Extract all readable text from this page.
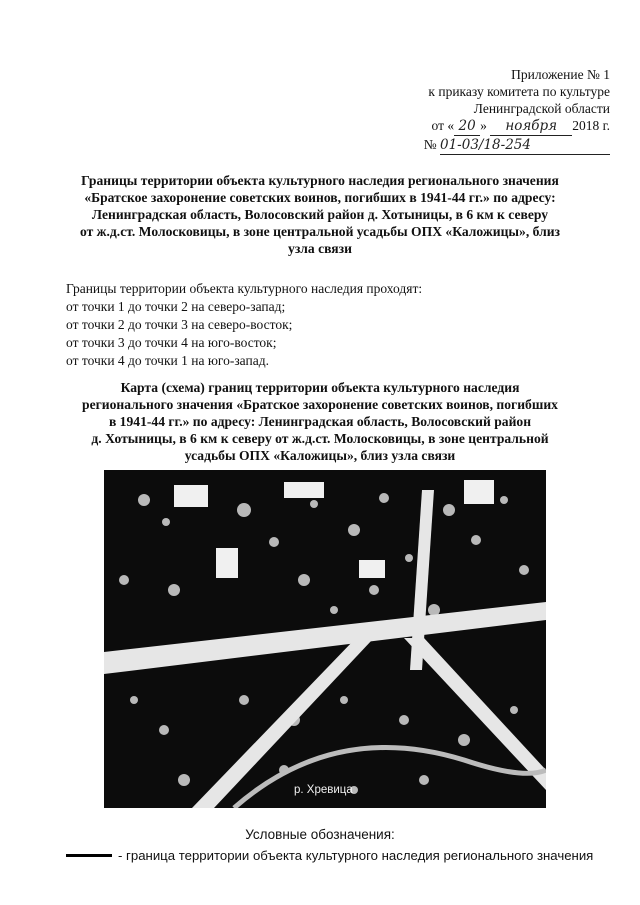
Приложение № 1
к приказу комитета по культуре
Ленинградской области
от « 20 » ноября 2018 г.
№ 01-03/18-254
Границы территории объекта культурного наследия регионального значения
«Братское захоронение советских воинов, погибших в 1941-44 гг.» по адресу:
Ленинградская область, Волосовский район д. Хотыницы, в 6 км к северу
от ж.д.ст. Молосковицы, в зоне центральной усадьбы ОПХ «Каложицы», близ
узла связи
Границы территории объекта культурного наследия проходят:
от точки 1 до точки 2 на северо-запад;
от точки 2 до точки 3 на северо-восток;
от точки 3 до точки 4 на юго-восток;
от точки 4 до точки 1 на юго-запад.
Карта (схема) границ территории объекта культурного наследия
регионального значения «Братское захоронение советских воинов, погибших
в 1941-44 гг.» по адресу: Ленинградская область, Волосовский район
д. Хотыницы, в 6 км к северу от ж.д.ст. Молосковицы, в зоне центральной
усадьбы ОПХ «Каложицы», близ узла связи
р. Хревица
Условные обозначения:
- граница территории объекта культурного наследия регионального значения
